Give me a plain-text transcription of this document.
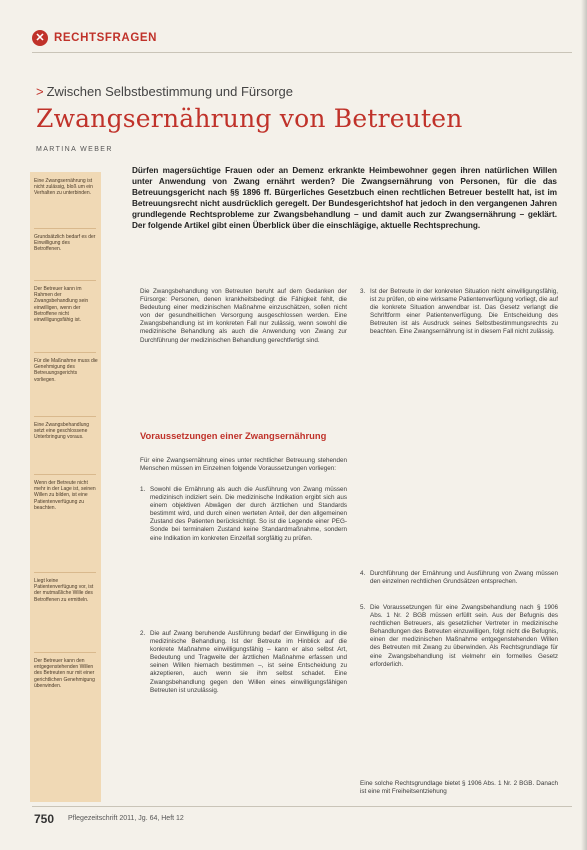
✕ RECHTSFRAGEN
> Zwischen Selbstbestimmung und Fürsorge
Zwangsernährung von Betreuten
MARTINA WEBER
Eine Zwangsernährung ist nicht zulässig, bloß um ein Verhalten zu unterbinden.
Grundsätzlich bedarf es der Einwilligung des Betroffenen.
Der Betreuer kann im Rahmen der Zwangsbehandlung sein einwilligen, wenn der Betroffene nicht einwilligungsfähig ist.
Für die Maßnahme muss die Genehmigung des Betreuungsgerichts vorliegen.
Eine Zwangsbehandlung setzt eine geschlossene Unterbringung voraus.
Wenn der Betreute nicht mehr in der Lage ist, seinen Willen zu bilden, ist eine Patientenverfügung zu beachten.
Liegt keine Patientenverfügung vor, ist der mutmaßliche Wille des Betroffenen zu ermitteln.
Der Betreuer kann den entgegenstehenden Willen des Betreuten nur mit einer gerichtlichen Genehmigung überwinden.
Dürfen magersüchtige Frauen oder an Demenz erkrankte Heimbewohner gegen ihren natürlichen Willen unter Anwendung von Zwang ernährt werden? Die Zwangsernährung von Personen, für die das Betreuungsgericht nach §§ 1896 ff. Bürgerliches Gesetzbuch einen rechtlichen Betreuer bestellt hat, ist im Betreuungsrecht nicht ausdrücklich geregelt. Der Bundesgerichtshof hat jedoch in den vergangenen Jahren grundlegende Rechtsprobleme zur Zwangsbehandlung – und damit auch zur Zwangsernährung – geklärt. Der folgende Artikel gibt einen Überblick über die einschlägige, aktuelle Rechtsprechung.

Die Zwangsbehandlung von Betreuten beruht auf dem Gedanken der Fürsorge: Personen, denen krankheitsbedingt die Fähigkeit fehlt, die Bedeutung einer medizinischen Maßnahme einzuschätzen, sollen nicht von der gesundheitlichen Versorgung ausgeschlossen werden. Eine Zwangsbehandlung ist im konkreten Fall nur zulässig, wenn sowohl die medizinische Behandlung als auch die Anwendung von Zwang zur Durchführung der medizinischen Behandlung gerechtfertigt sind.

Voraussetzungen einer Zwangsernährung

Für eine Zwangsernährung eines unter rechtlicher Betreuung stehenden Menschen müssen im Einzelnen folgende Voraussetzungen vorliegen:

1. Sowohl die Ernährung als auch die Ausführung von Zwang müssen medizinisch indiziert sein. Die medizinische Indikation ergibt sich aus einem objektiven Abwägen der durch ärztlichen und Standards bestimmt wird, und durch einen werteten Anteil, der den allgemeinen Zustand des Patienten berücksichtigt. So ist die Legende einer PEG-Sonde bei terminalem Zustand keine Standardmaßnahme, sondern eine Indikation im konkreten Einzelfall sorgfältig zu prüfen.
2. Die auf Zwang beruhende Ausführung bedarf der Einwilligung in die medizinische Behandlung. Ist der Betreute im Hinblick auf die konkrete Maßnahme einwilligungsfähig – kann er also selbst Art, Bedeutung und Tragweite der ärztlichen Maßnahme erfassen und seinen Willen hiernach bestimmen –, ist seine Entscheidung zu akzeptieren, auch wenn sie ihm selbst schadet. Eine Zwangsbehandlung gegen den Willen eines einwilligungsfähigen Betreuten ist unzulässig.
3. Ist der Betreute in der konkreten Situation nicht einwilligungsfähig, ist zu prüfen, ob eine wirksame Patientenverfügung vorliegt, die auf die konkrete Situation anwendbar ist. Das Gesetz verlangt die Schriftform einer Patientenverfügung. Die Entscheidung des Betreuten ist als Ausdruck seines Selbstbestimmungsrechts zu beachten. Eine Zwangsernährung ist in diesem Fall nicht zulässig.
4. Durchführung der Ernährung und Ausführung von Zwang müssen den einzelnen rechtlichen Grundsätzen entsprechen.
5. Die Voraussetzungen für eine Zwangsbehandlung nach § 1906 Abs. 1 Nr. 2 BGB müssen erfüllt sein. Aus der Befugnis des rechtlichen Betreuers, als gesetzlicher Vertreter in medizinische Behandlungen des Betreuten einzuwilligen, folgt nicht die Befugnis, einen der medizinischen Maßnahme entgegenstehenden Willen des Betreuten mit Zwang zu überwinden. Als Rechtsgrundlage für eine Zwangsbehandlung ist vielmehr ein formelles Gesetz erforderlich.

Eine solche Rechtsgrundlage bietet § 1906 Abs. 1 Nr. 2 BGB. Danach ist eine mit Freiheitsentziehung

750 Pflegezeitschrift 2011, Jg. 64, Heft 12
